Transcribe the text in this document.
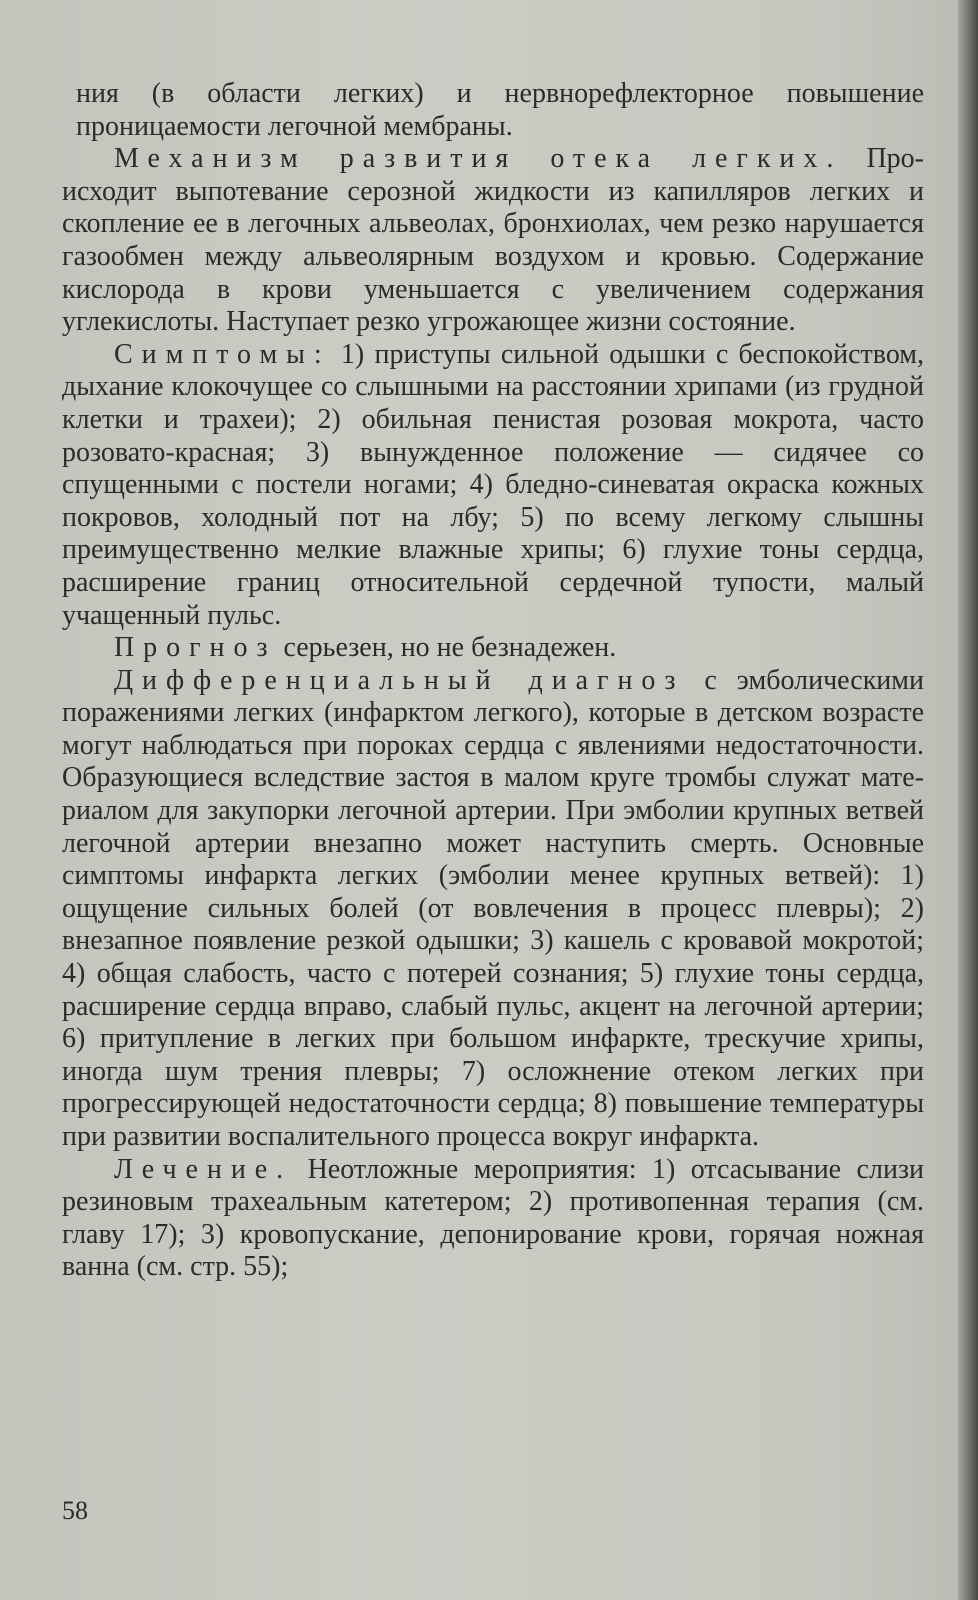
ния (в области легких) и нервнорефлекторное повышение проницаемости легочной мембраны.

Механизм развития отека легких. Происходит выпотевание серозной жидкости из капилляров легких и скопление ее в легочных альвеолах, бронхиолах, чем резко нарушается газообмен между альвеолярным воздухом и кровью. Содержание кислорода в крови уменьшается с увеличением содержания углекислоты. Наступает резко угрожающее жизни состояние.

Симптомы: 1) приступы сильной одышки с беспокойством, дыхание клокочущее со слышными на расстоянии хрипами (из грудной клетки и трахеи); 2) обильная пенистая розовая мокрота, часто розовато-красная; 3) вынужденное положение — сидячее со спущенными с постели ногами; 4) бледно-синеватая окраска кожных покровов, холодный пот на лбу; 5) по всему легкому слышны преимущественно мелкие влажные хрипы; 6) глухие тоны сердца, расширение границ относительной сердечной тупости, малый учащенный пульс.

Прогноз серьезен, но не безнадежен.

Дифференциальный диагноз с эмболическими поражениями легких (инфарктом легкого), которые в детском возрасте могут наблюдаться при пороках сердца с явлениями недостаточности. Образующиеся вследствие застоя в малом круге тромбы служат материалом для закупорки легочной артерии. При эмболии крупных ветвей легочной артерии внезапно может наступить смерть. Основные симптомы инфаркта легких (эмболии менее крупных ветвей): 1) ощущение сильных болей (от вовлечения в процесс плевры); 2) внезапное появление резкой одышки; 3) кашель с кровавой мокротой; 4) общая слабость, часто с потерей сознания; 5) глухие тоны сердца, расширение сердца вправо, слабый пульс, акцент на легочной артерии; 6) притупление в легких при большом инфаркте, трескучие хрипы, иногда шум трения плевры; 7) осложнение отеком легких при прогрессирующей недостаточности сердца; 8) повышение температуры при развитии воспалительного процесса вокруг инфаркта.

Лечение. Неотложные мероприятия: 1) отсасывание слизи резиновым трахеальным катетером; 2) противопенная терапия (см. главу 17); 3) кровопускание, депонирование крови, горячая ножная ванна (см. стр. 55);

58
